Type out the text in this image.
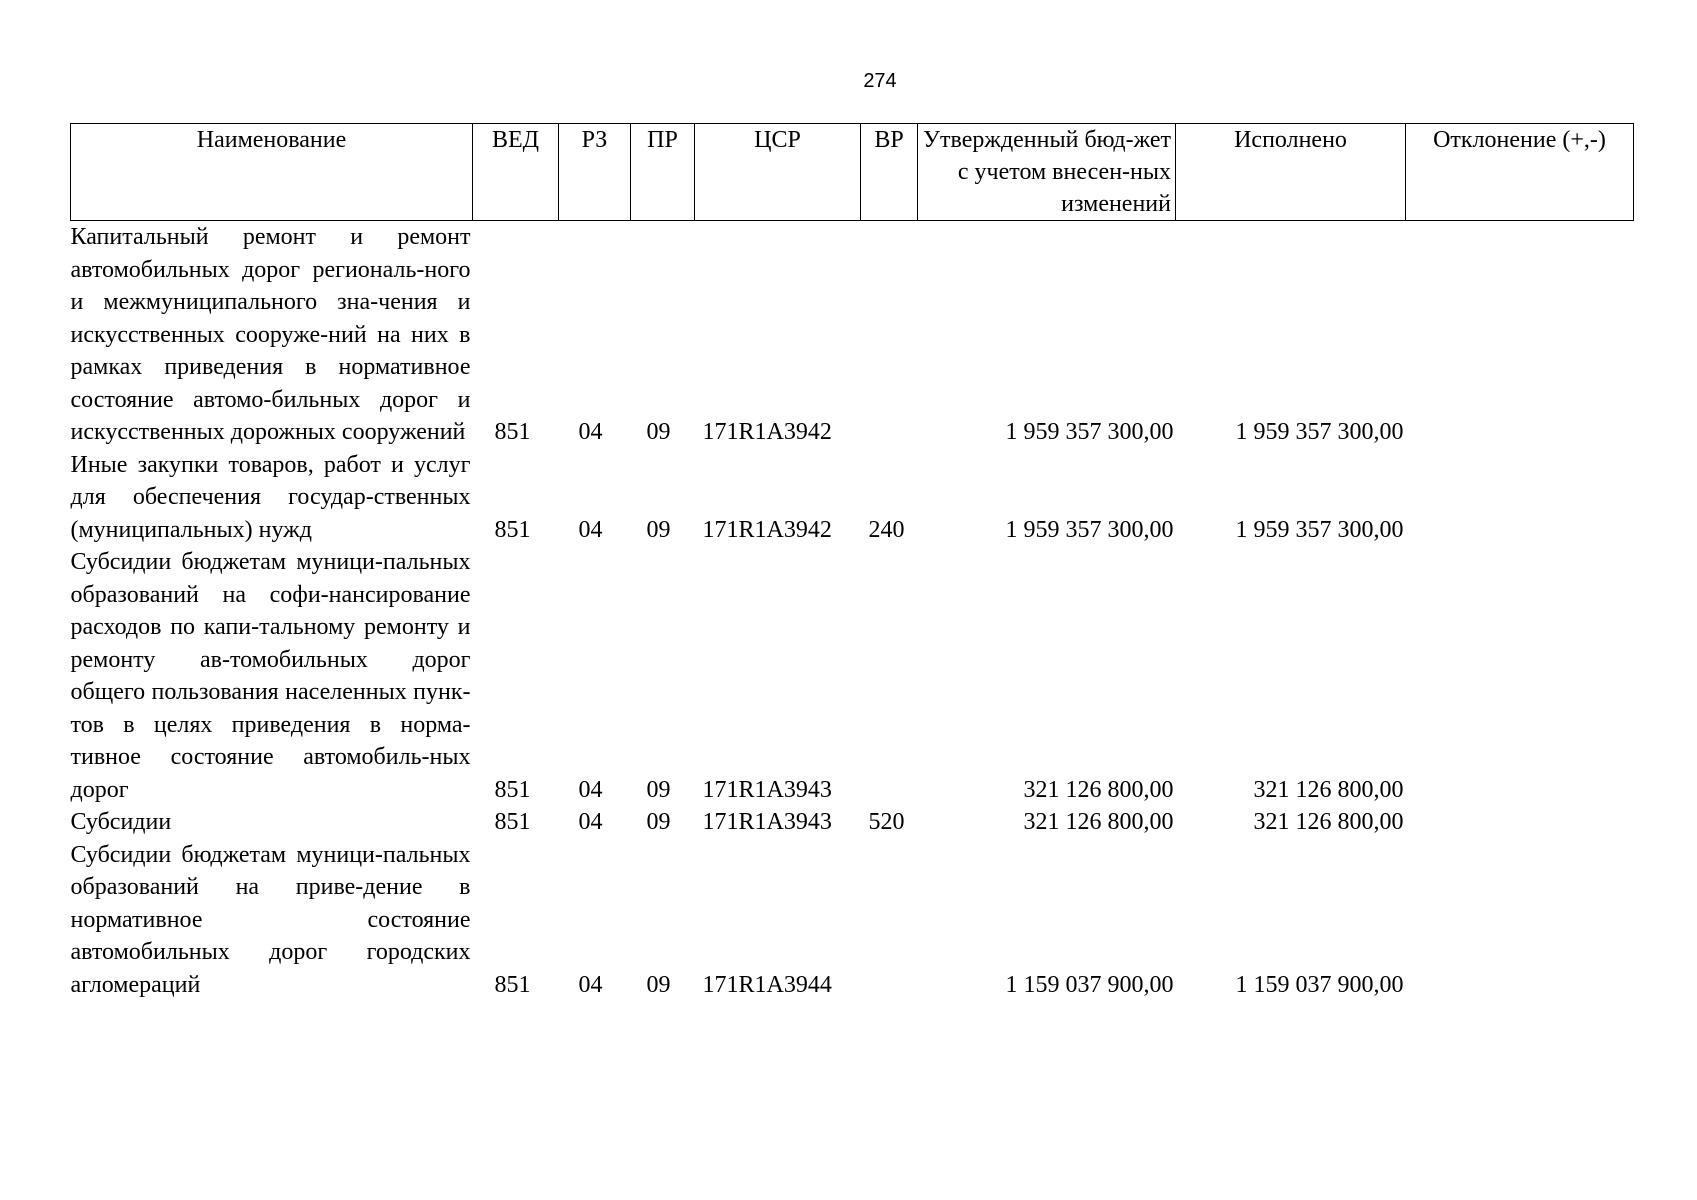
274
Наименование	ВЕД	РЗ	ПР	ЦСР	ВР	Утвержденный бюд-жет с учетом внесен-ных изменений	Исполнено	Отклонение (+,-)
Капитальный ремонт и ремонт автомобильных дорог региональ-ного и межмуниципального зна-чения и искусственных сооруже-ний на них в рамках приведения в нормативное состояние автомо-бильных дорог и искусственных дорожных сооружений	851	04	09	171R1A3942		1 959 357 300,00	1 959 357 300,00	
Иные закупки товаров, работ и услуг для обеспечения государ-ственных (муниципальных) нужд	851	04	09	171R1A3942	240	1 959 357 300,00	1 959 357 300,00	
Субсидии бюджетам муници-пальных образований на софи-нансирование расходов по капи-тальному ремонту и ремонту ав-томобильных дорог общего пользования населенных пунк-тов в целях приведения в норма-тивное состояние автомобиль-ных дорог	851	04	09	171R1A3943		321 126 800,00	321 126 800,00	
Субсидии	851	04	09	171R1A3943	520	321 126 800,00	321 126 800,00	
Субсидии бюджетам муници-пальных образований на приве-дение в нормативное состояние автомобильных дорог городских агломераций	851	04	09	171R1A3944		1 159 037 900,00	1 159 037 900,00	
